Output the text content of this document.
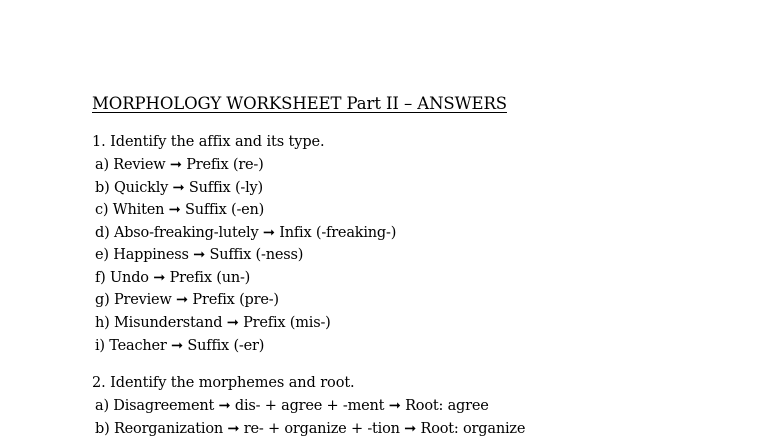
MORPHOLOGY WORKSHEET Part II – ANSWERS
1. Identify the affix and its type.
a) Review ➞ Prefix (re-)
b) Quickly ➞ Suffix (-ly)
c) Whiten ➞ Suffix (-en)
d) Abso-freaking-lutely ➞ Infix (-freaking-)
e) Happiness ➞ Suffix (-ness)
f) Undo ➞ Prefix (un-)
g) Preview ➞ Prefix (pre-)
h) Misunderstand ➞ Prefix (mis-)
i) Teacher ➞ Suffix (-er)
2. Identify the morphemes and root.
a) Disagreement ➞ dis- + agree + -ment ➞ Root: agree
b) Reorganization ➞ re- + organize + -tion ➞ Root: organize
